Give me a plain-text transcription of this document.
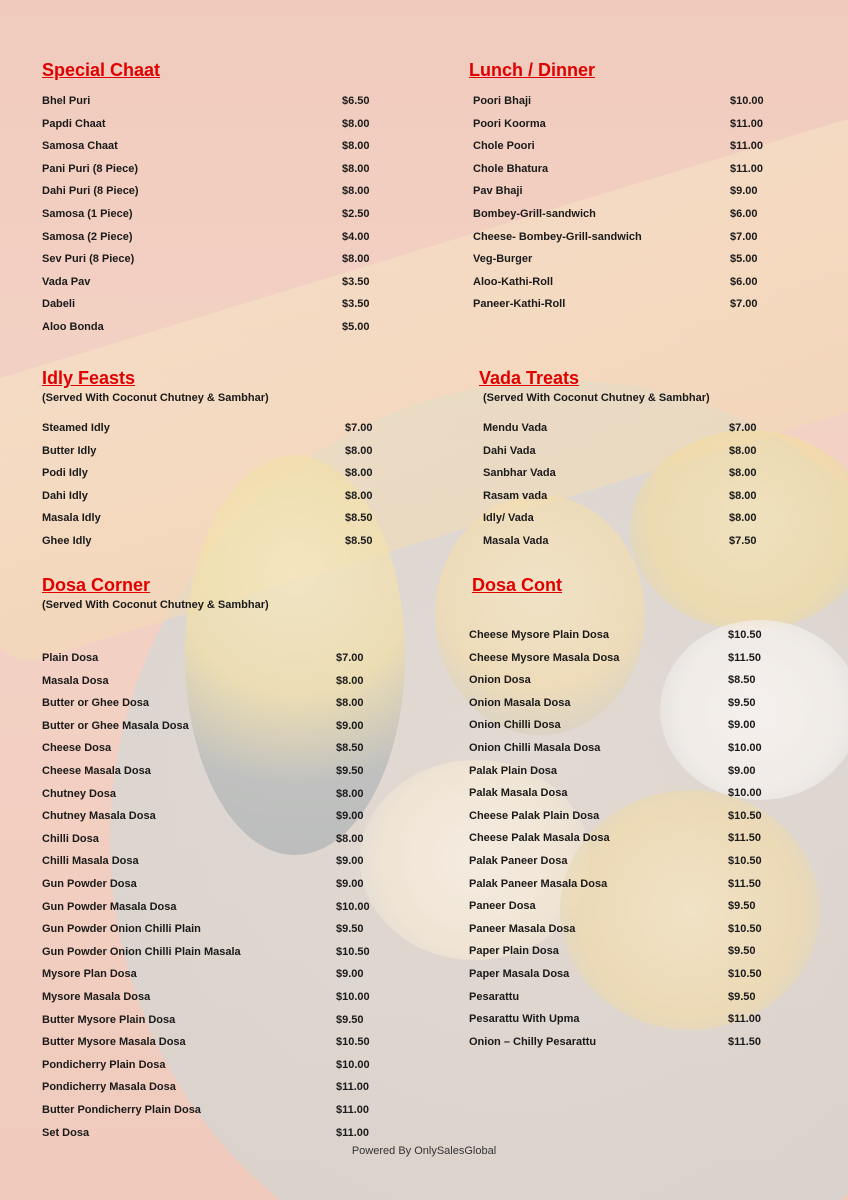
Special Chaat	Lunch / Dinner
Idly Feasts
(Served With Coconut Chutney & Sambhar)
Vada Treats
(Served With Coconut Chutney & Sambhar)
Dosa Corner
(Served With Coconut Chutney & Sambhar)
Dosa Cont
Bhel Puri	$6.50
Papdi Chaat	$8.00
Samosa Chaat	$8.00
Pani Puri (8 Piece)	$8.00
Dahi Puri (8 Piece)	$8.00
Samosa (1 Piece)	$2.50
Samosa (2 Piece)	$4.00
Sev Puri (8 Piece)	$8.00
Vada Pav	$3.50
Dabeli	$3.50
Aloo Bonda	$5.00
Poori Bhaji	$10.00
Poori Koorma	$11.00
Chole Poori	$11.00
Chole Bhatura	$11.00
Pav Bhaji	$9.00
Bombey-Grill-sandwich	$6.00
Cheese- Bombey-Grill-sandwich	$7.00
Veg-Burger	$5.00
Aloo-Kathi-Roll	$6.00
Paneer-Kathi-Roll	$7.00
Steamed Idly	$7.00
Butter Idly	$8.00
Podi Idly	$8.00
Dahi Idly	$8.00
Masala Idly	$8.50
Ghee Idly	$8.50
Mendu Vada	$7.00
Dahi Vada	$8.00
Sanbhar Vada	$8.00
Rasam vada	$8.00
Idly/ Vada	$8.00
Masala Vada	$7.50
Plain Dosa	$7.00
Masala Dosa	$8.00
Butter or Ghee Dosa	$8.00
Butter or Ghee Masala Dosa	$9.00
Cheese Dosa	$8.50
Cheese Masala Dosa	$9.50
Chutney Dosa	$8.00
Chutney Masala Dosa	$9.00
Chilli Dosa	$8.00
Chilli Masala Dosa	$9.00
Gun Powder Dosa	$9.00
Gun Powder Masala Dosa	$10.00
Gun Powder Onion Chilli Plain	$9.50
Gun Powder Onion Chilli Plain Masala	$10.50
Mysore Plan Dosa	$9.00
Mysore Masala Dosa	$10.00
Butter Mysore Plain Dosa	$9.50
Butter Mysore Masala Dosa	$10.50
Pondicherry Plain Dosa	$10.00
Pondicherry Masala Dosa	$11.00
Butter Pondicherry Plain Dosa	$11.00
Set Dosa	$11.00
Cheese Mysore Plain Dosa	$10.50
Cheese Mysore Masala Dosa	$11.50
Onion Dosa	$8.50
Onion Masala Dosa	$9.50
Onion Chilli Dosa	$9.00
Onion Chilli Masala Dosa	$10.00
Palak Plain Dosa	$9.00
Palak Masala Dosa	$10.00
Cheese Palak Plain Dosa	$10.50
Cheese Palak Masala Dosa	$11.50
Palak Paneer Dosa	$10.50
Palak Paneer Masala Dosa	$11.50
Paneer Dosa	$9.50
Paneer Masala Dosa	$10.50
Paper Plain Dosa	$9.50
Paper Masala Dosa	$10.50
Pesarattu	$9.50
Pesarattu With Upma	$11.00
Onion – Chilly Pesarattu	$11.50
Powered By OnlySalesGlobal
